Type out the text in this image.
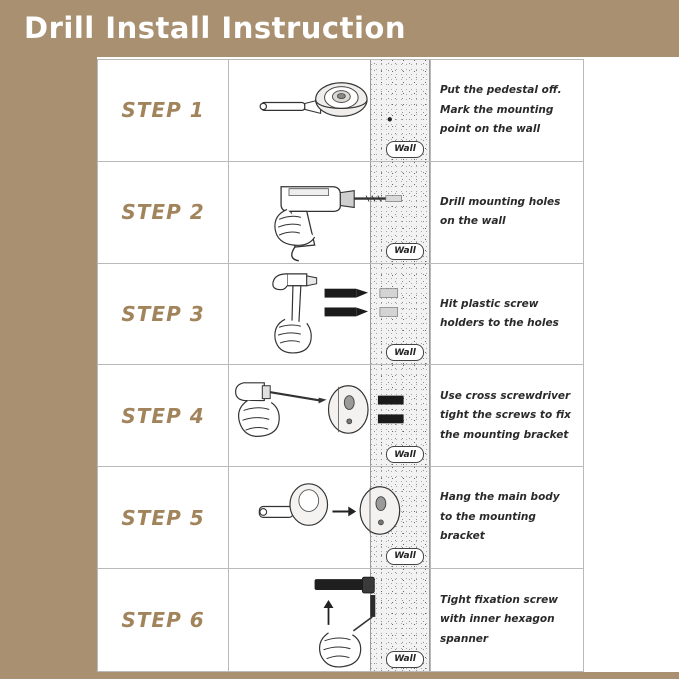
Drill Install Instruction
STEP 1
Wall
Put the pedestal off. Mark the mounting point on the wall
STEP 2
Wall
Drill mounting holes on the wall
STEP 3
Wall
Hit plastic screw holders to the holes
STEP 4
Wall
Use cross screwdriver tight the screws to fix the mounting bracket
STEP 5
Wall
Hang the main body to the mounting bracket
STEP 6
Wall
Tight fixation screw with inner hexagon spanner
